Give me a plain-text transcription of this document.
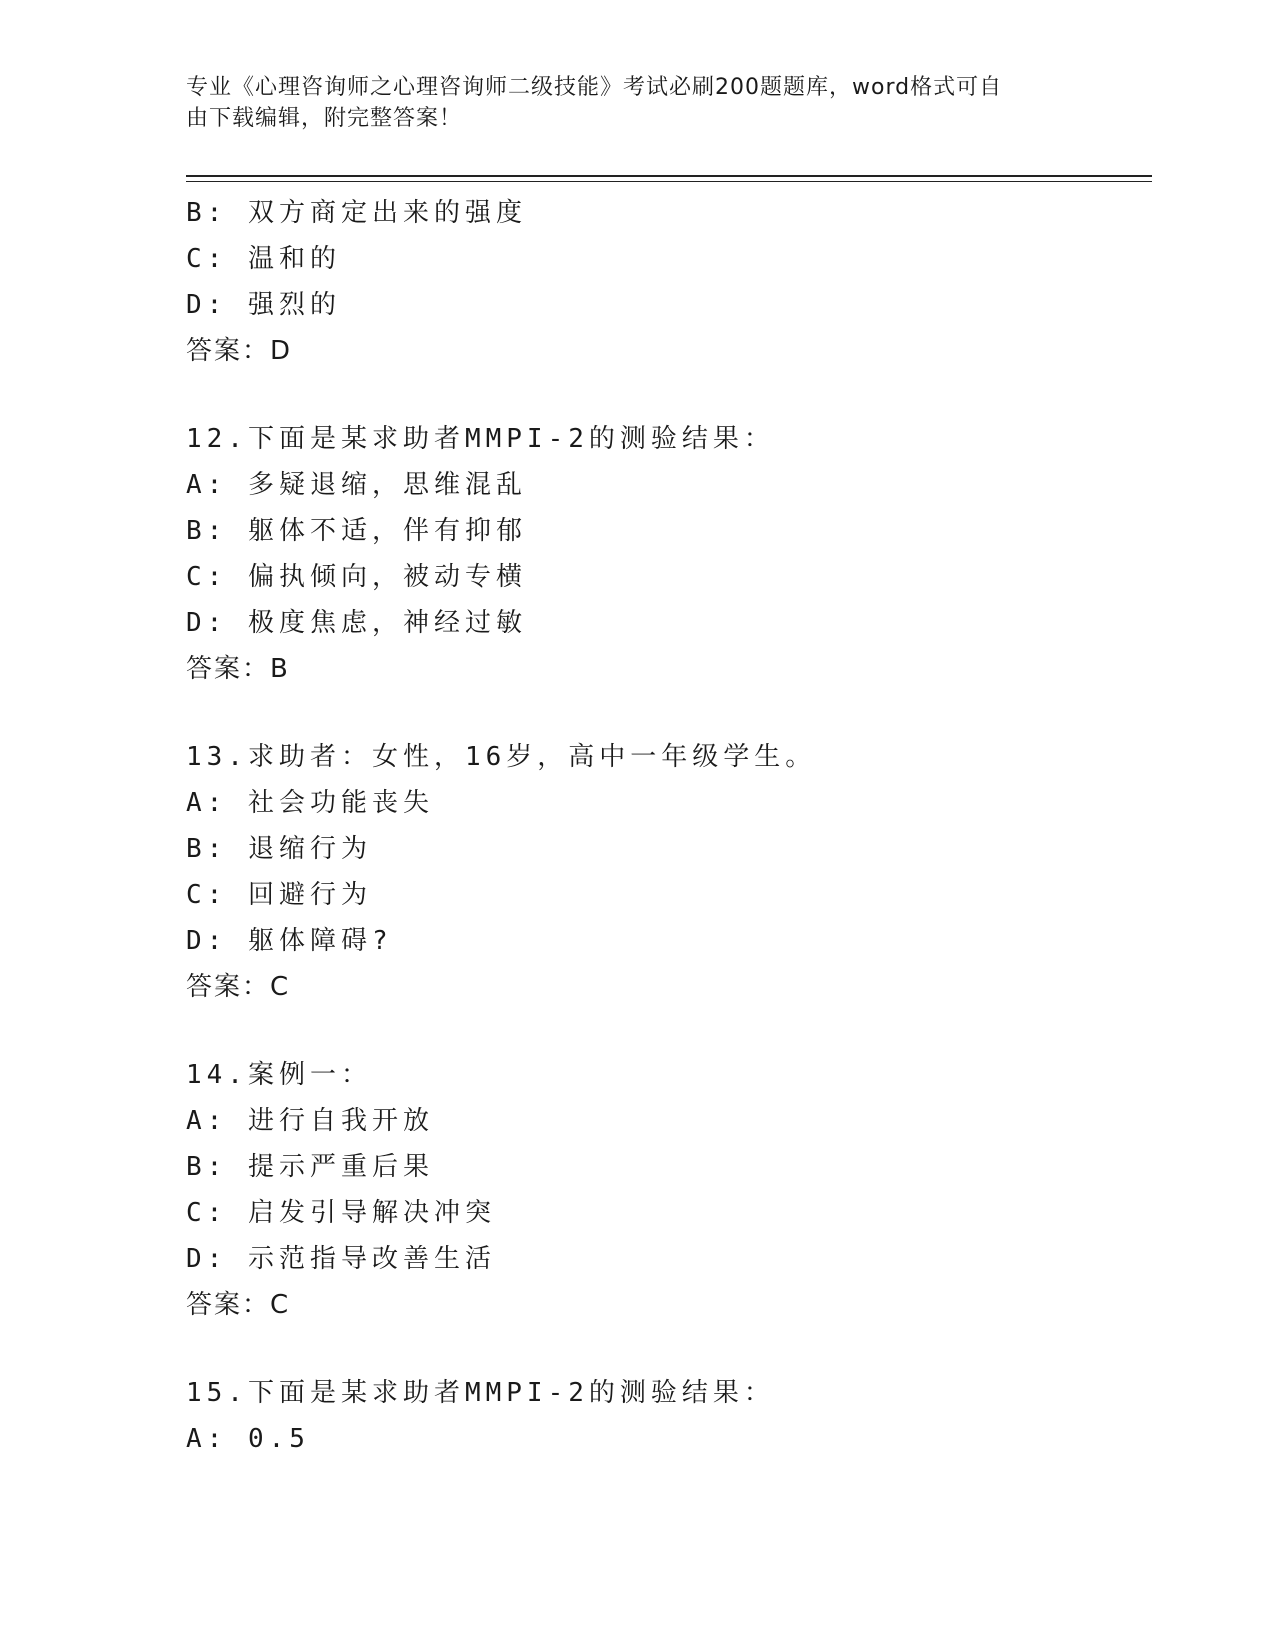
专业《心理咨询师之心理咨询师二级技能》考试必刷200题题库，word格式可自
由下载编辑，附完整答案！
B: 双方商定出来的强度
C: 温和的
D: 强烈的
答案：D
12.下面是某求助者MMPI-2的测验结果：
A: 多疑退缩，思维混乱
B: 躯体不适，伴有抑郁
C: 偏执倾向，被动专横
D: 极度焦虑，神经过敏
答案：B
13.求助者：女性，16岁，高中一年级学生。
A: 社会功能丧失
B: 退缩行为
C: 回避行为
D: 躯体障碍?
答案：C
14.案例一：
A: 进行自我开放
B: 提示严重后果
C: 启发引导解决冲突
D: 示范指导改善生活
答案：C
15.下面是某求助者MMPI-2的测验结果：
A: 0.5
